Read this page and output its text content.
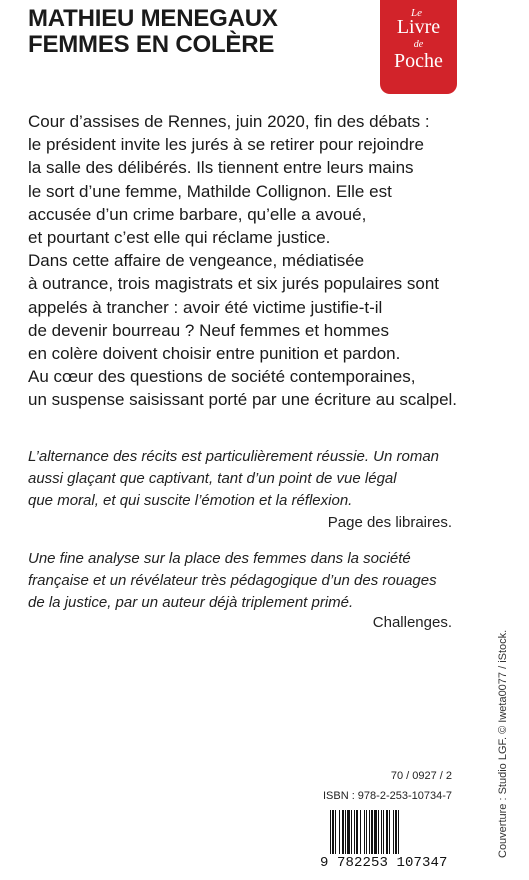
MATHIEU MENEGAUX
FEMMES EN COLÈRE
Le
Livre
de
Poche
Cour d’assises de Rennes, juin 2020, fin des débats :
le président invite les jurés à se retirer pour rejoindre
la salle des délibérés. Ils tiennent entre leurs mains
le sort d’une femme, Mathilde Collignon. Elle est
accusée d’un crime barbare, qu’elle a avoué,
et pourtant c’est elle qui réclame justice.
Dans cette affaire de vengeance, médiatisée
à outrance, trois magistrats et six jurés populaires sont
appelés à trancher : avoir été victime justifie-t-il
de devenir bourreau ? Neuf femmes et hommes
en colère doivent choisir entre punition et pardon.
Au cœur des questions de société contemporaines,
un suspense saisissant porté par une écriture au scalpel.
L’alternance des récits est particulièrement réussie. Un roman
aussi glaçant que captivant, tant d’un point de vue légal
que moral, et qui suscite l’émotion et la réflexion.
Page des libraires.
Une fine analyse sur la place des femmes dans la société
française et un révélateur très pédagogique d’un des rouages
de la justice, par un auteur déjà triplement primé.
Challenges.
Couverture : Studio LGF. © Iweta0077 / iStock.
70 / 0927 / 2
ISBN : 978-2-253-10734-7
9 782253 107347
